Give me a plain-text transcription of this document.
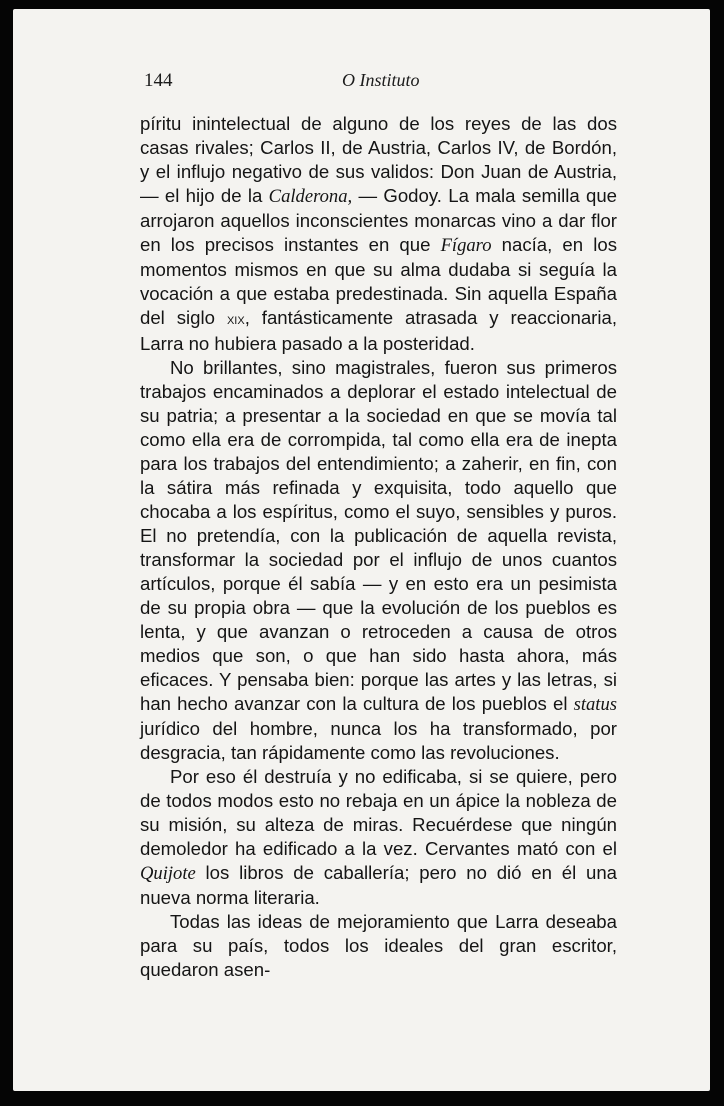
144	O Instituto

píritu inintelectual de alguno de los reyes de las dos casas rivales; Carlos II, de Austria, Carlos IV, de Bordón, y el influjo negativo de sus validos: Don Juan de Austria, — el hijo de la Calderona, — Godoy. La mala semilla que arrojaron aquellos inconscientes monarcas vino a dar flor en los precisos instantes en que Fígaro nacía, en los momentos mismos en que su alma dudaba si seguía la vocación a que estaba predestinada. Sin aquella España del siglo xix, fantásticamente atrasada y reaccionaria, Larra no hubiera pasado a la posteridad.

No brillantes, sino magistrales, fueron sus primeros trabajos encaminados a deplorar el estado intelectual de su patria; a presentar a la sociedad en que se movía tal como ella era de corrompida, tal como ella era de inepta para los trabajos del entendimiento; a zaherir, en fin, con la sátira más refinada y exquisita, todo aquello que chocaba a los espíritus, como el suyo, sensibles y puros. El no pretendía, con la publicación de aquella revista, transformar la sociedad por el influjo de unos cuantos artículos, porque él sabía — y en esto era un pesimista de su propia obra — que la evolución de los pueblos es lenta, y que avanzan o retroceden a causa de otros medios que son, o que han sido hasta ahora, más eficaces. Y pensaba bien: porque las artes y las letras, si han hecho avanzar con la cultura de los pueblos el status jurídico del hombre, nunca los ha transformado, por desgracia, tan rápidamente como las revoluciones.

Por eso él destruía y no edificaba, si se quiere, pero de todos modos esto no rebaja en un ápice la nobleza de su misión, su alteza de miras. Recuérdese que ningún demoledor ha edificado a la vez. Cervantes mató con el Quijote los libros de caballería; pero no dió en él una nueva norma literaria.

Todas las ideas de mejoramiento que Larra deseaba para su país, todos los ideales del gran escritor, quedaron asen-
